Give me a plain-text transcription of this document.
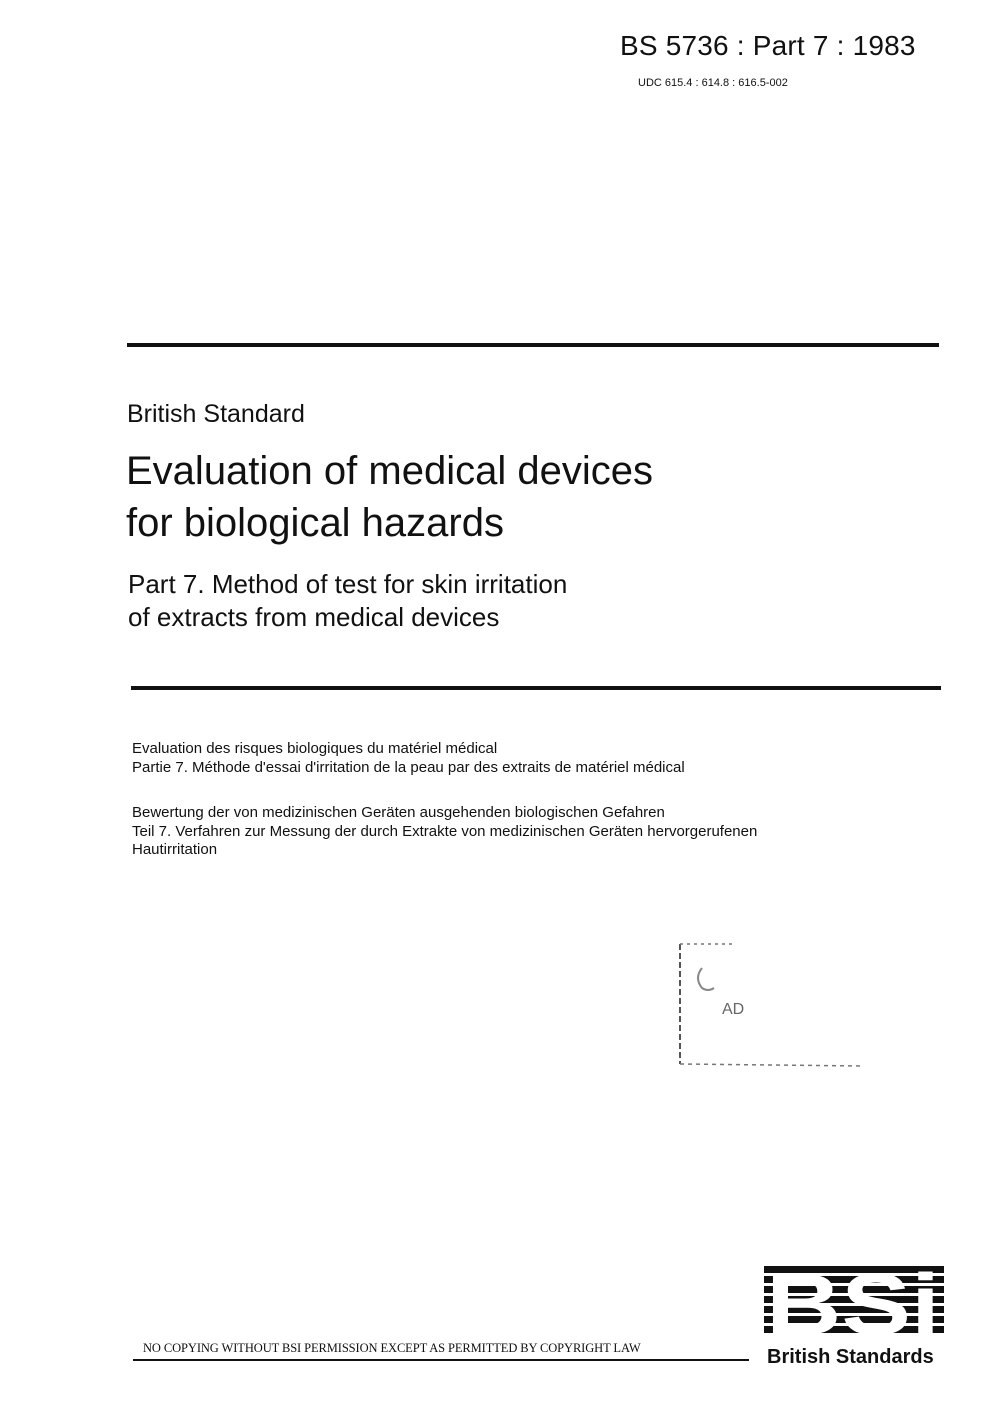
BS 5736 : Part 7 : 1983
UDC 615.4 : 614.8 : 616.5-002
British Standard
Evaluation of medical devices
for biological hazards
Part 7. Method of test for skin irritation
of extracts from medical devices
Evaluation des risques biologiques du matériel médical
Partie 7. Méthode d'essai d'irritation de la peau par des extraits de matériel médical
Bewertung der von medizinischen Geräten ausgehenden biologischen Gefahren
Teil 7. Verfahren zur Messung der durch Extrakte von medizinischen Geräten hervorgerufenen
Hautirritation
AD
BSi
British Standards
NO COPYING WITHOUT BSI PERMISSION EXCEPT AS PERMITTED BY COPYRIGHT LAW
